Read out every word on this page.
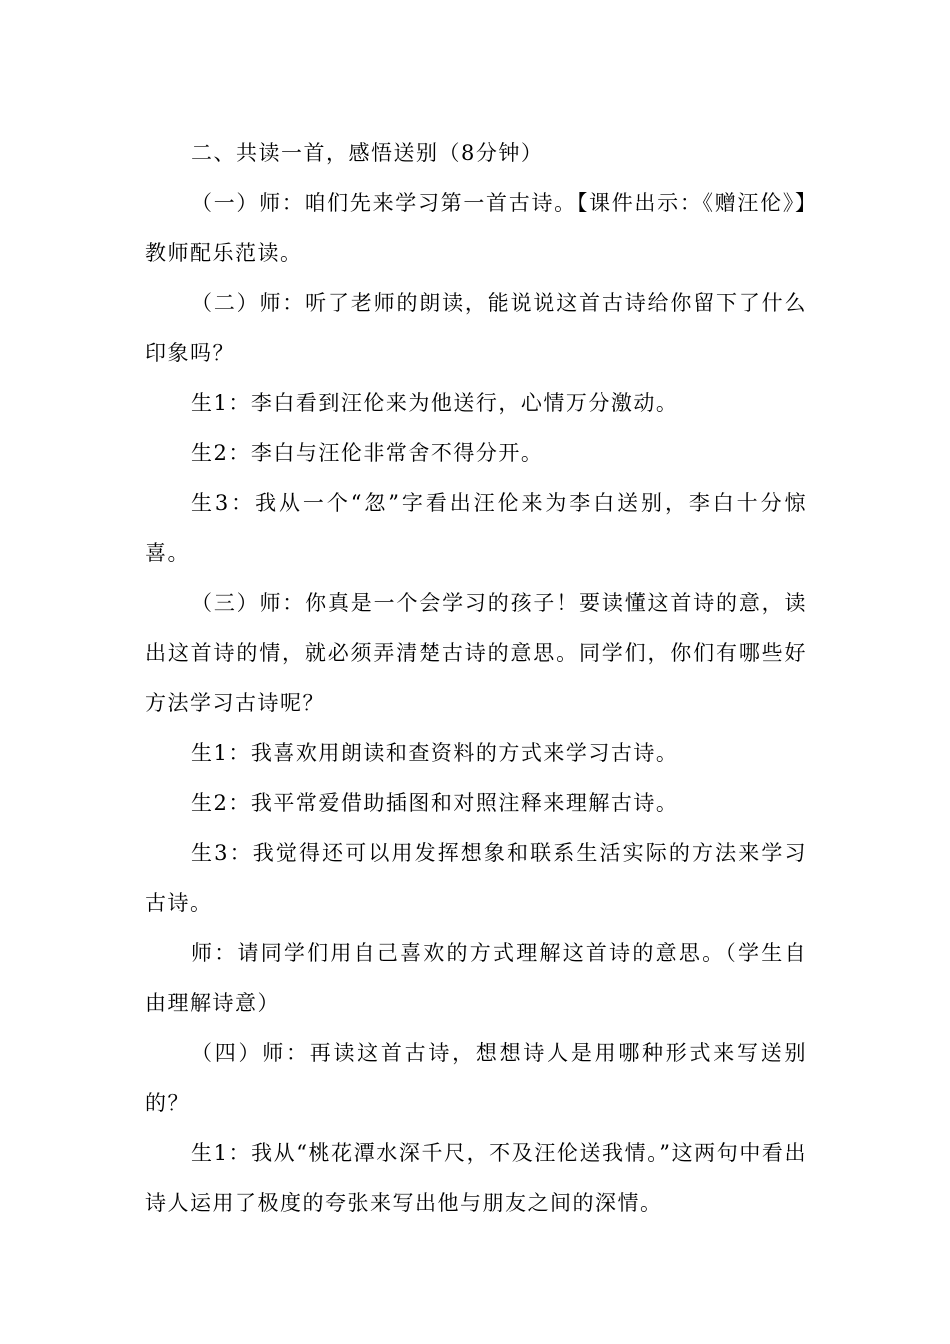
二、共读一首，感悟送别（8分钟）

（一）师：咱们先来学习第一首古诗。【课件出示：《赠汪伦》】教师配乐范读。

（二）师：听了老师的朗读，能说说这首古诗给你留下了什么印象吗？

生1：李白看到汪伦来为他送行，心情万分激动。

生2：李白与汪伦非常舍不得分开。

生3：我从一个“忽”字看出汪伦来为李白送别，李白十分惊喜。

（三）师：你真是一个会学习的孩子！要读懂这首诗的意，读出这首诗的情，就必须弄清楚古诗的意思。同学们，你们有哪些好方法学习古诗呢？

生1：我喜欢用朗读和查资料的方式来学习古诗。

生2：我平常爱借助插图和对照注释来理解古诗。

生3：我觉得还可以用发挥想象和联系生活实际的方法来学习古诗。

师：请同学们用自己喜欢的方式理解这首诗的意思。（学生自由理解诗意）

（四）师：再读这首古诗，想想诗人是用哪种形式来写送别的？

生1：我从“桃花潭水深千尺，不及汪伦送我情。”这两句中看出诗人运用了极度的夸张来写出他与朋友之间的深情。
